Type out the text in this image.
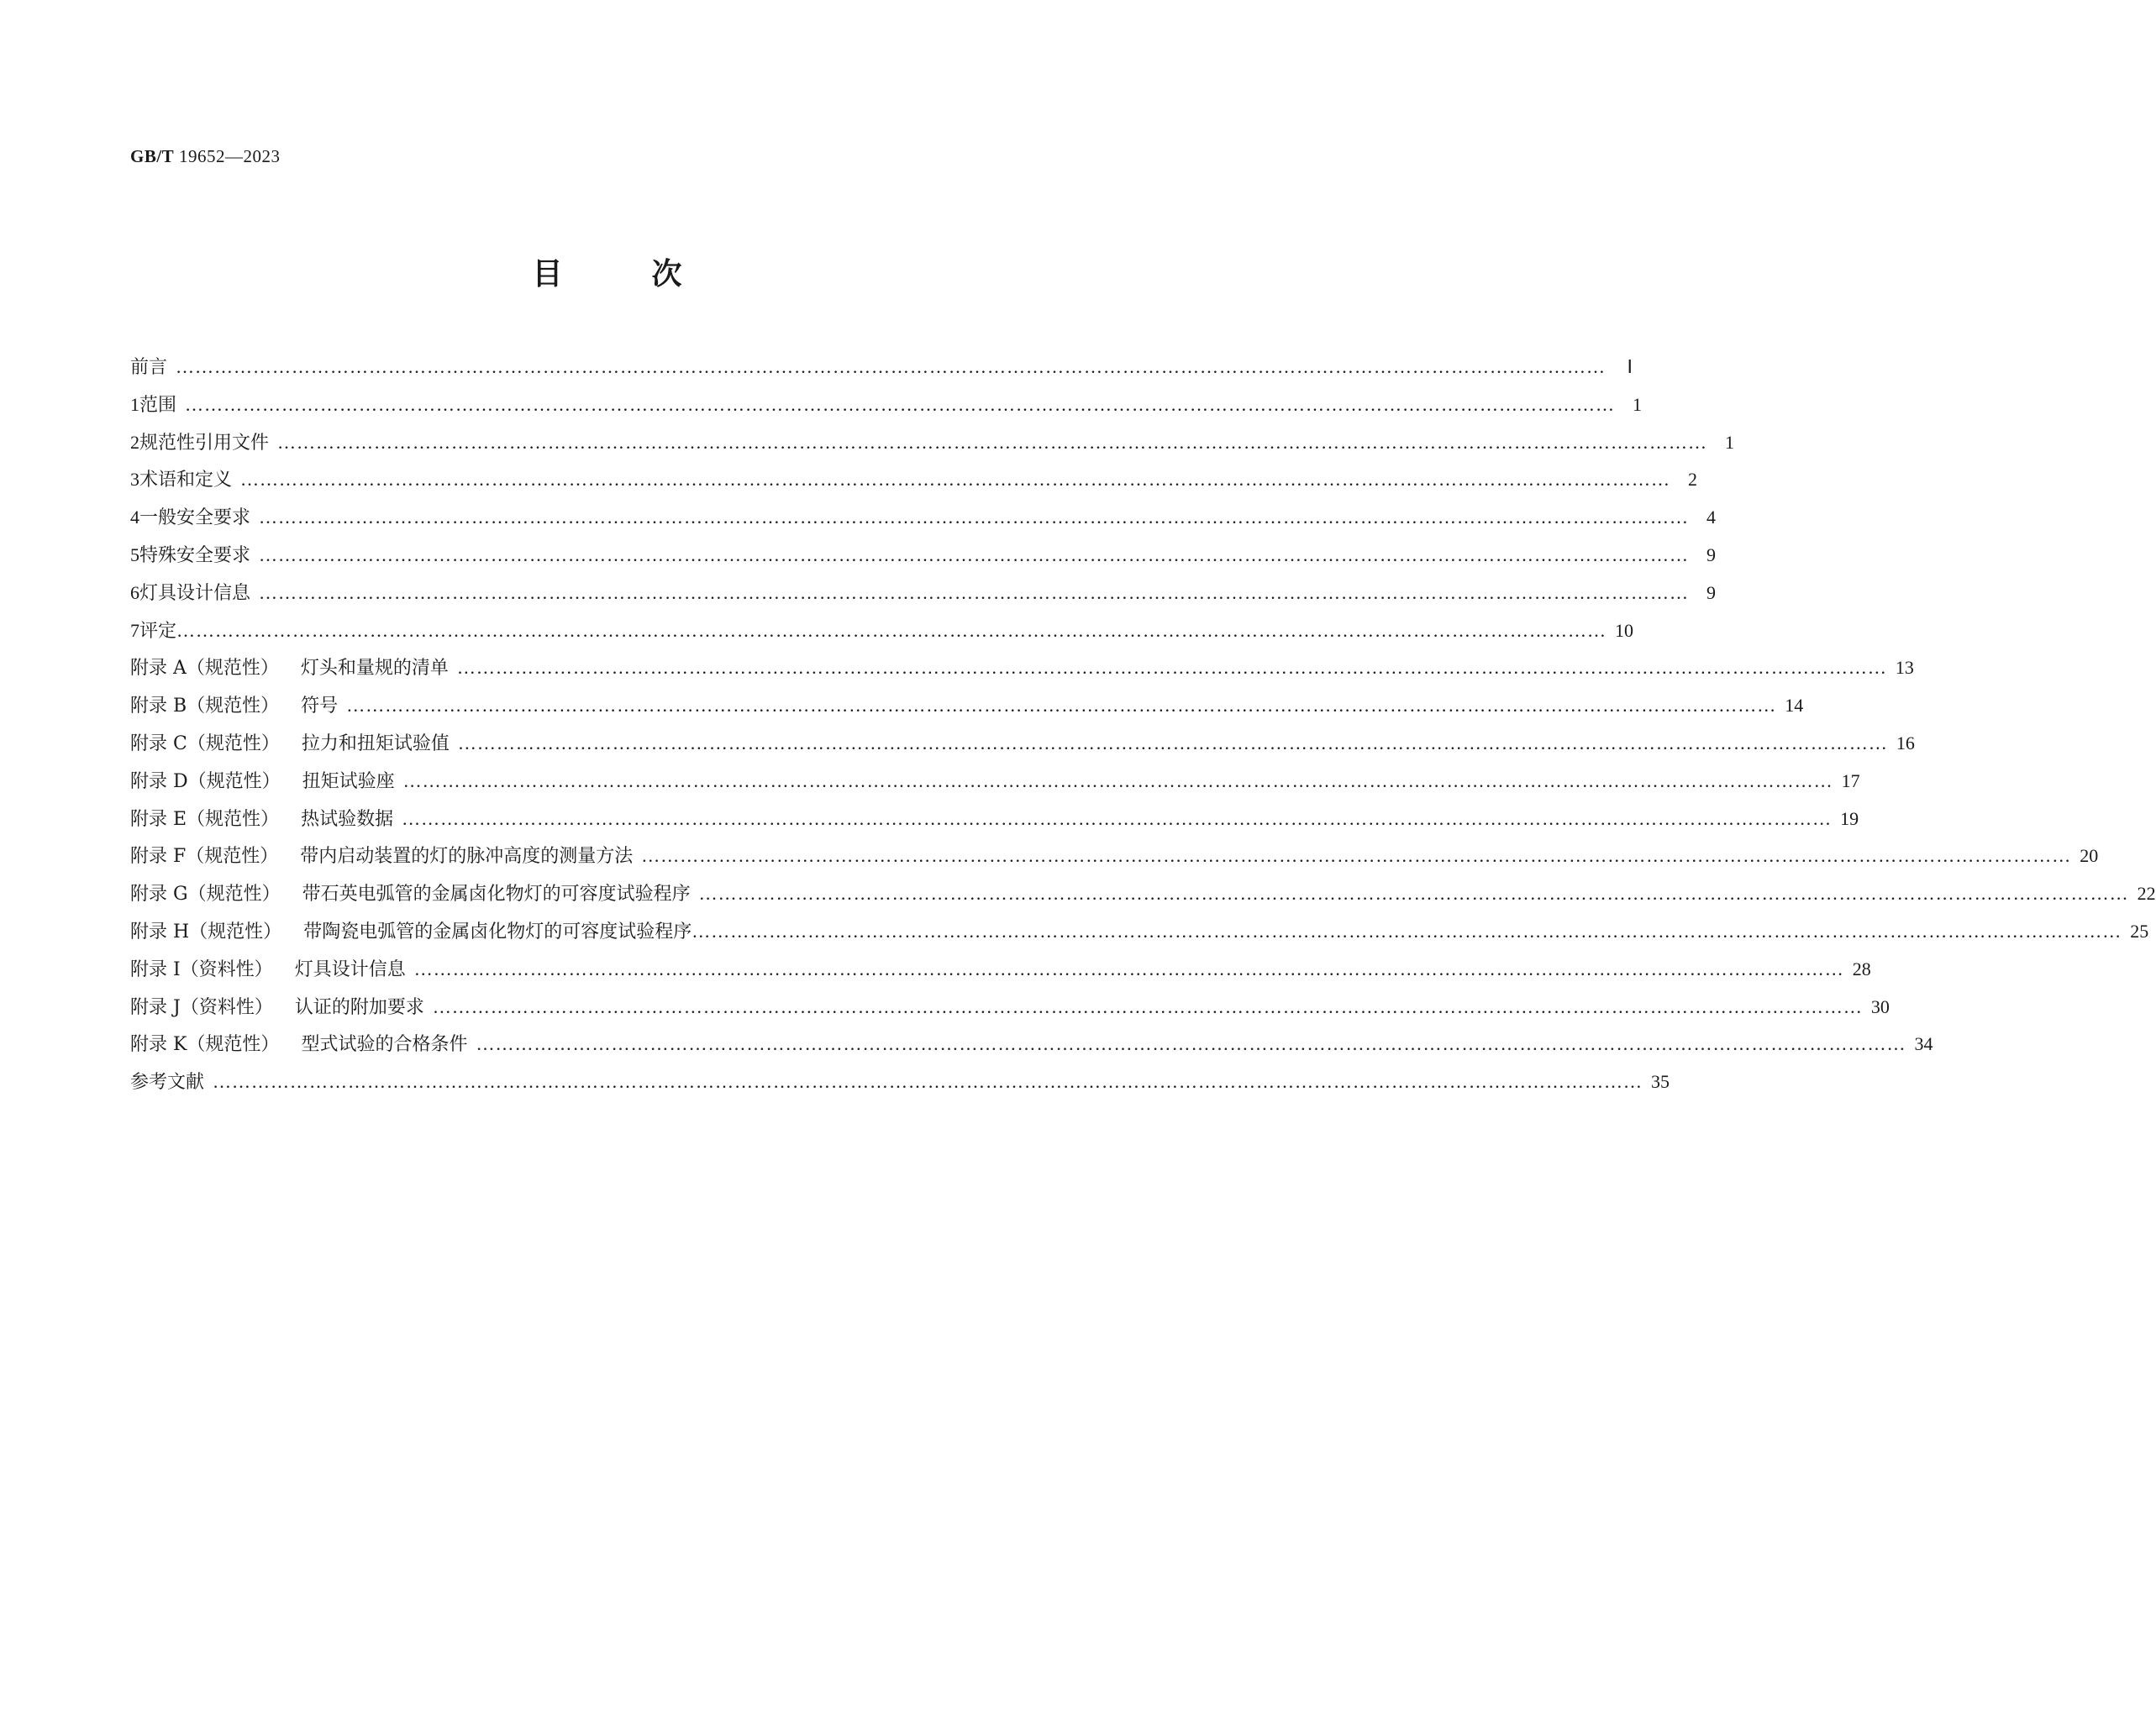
GB/T 19652—2023
目	次
前言 ……………………………………………………………………………………………………………………………………………………………………………………………………	Ⅰ
1 范围 …………………………………………………………………………………………………………………………………………………………………………………………………… 1
2 规范性引用文件 …………………………………………………………………………………………………………………………………………………………………………………………………… 1
3 术语和定义 …………………………………………………………………………………………………………………………………………………………………………………………………… 2
4 一般安全要求 …………………………………………………………………………………………………………………………………………………………………………………………………… 4
5 特殊安全要求 …………………………………………………………………………………………………………………………………………………………………………………………………… 9
6 灯具设计信息 …………………………………………………………………………………………………………………………………………………………………………………………………… 9
7 评定 …………………………………………………………………………………………………………………………………………………………………………………………………… 10
附录 A（规范性） 灯头和量规的清单 …………………………………………………………………………………………………………………………………………………………………………………………………… 13
附录 B（规范性） 符号 …………………………………………………………………………………………………………………………………………………………………………………………………… 14
附录 C（规范性） 拉力和扭矩试验值 …………………………………………………………………………………………………………………………………………………………………………………………………… 16
附录 D（规范性） 扭矩试验座 …………………………………………………………………………………………………………………………………………………………………………………………………… 17
附录 E（规范性） 热试验数据 …………………………………………………………………………………………………………………………………………………………………………………………………… 19
附录 F（规范性） 带内启动装置的灯的脉冲高度的测量方法 …………………………………………………………………………………………………………………………………………………………………………………………………… 20
附录 G（规范性） 带石英电弧管的金属卤化物灯的可容度试验程序 …………………………………………………………………………………………………………………………………………………………………………………………………… 22
附录 H（规范性） 带陶瓷电弧管的金属卤化物灯的可容度试验程序 …………………………………………………………………………………………………………………………………………………………………………………………………… 25
附录 I（资料性） 灯具设计信息 …………………………………………………………………………………………………………………………………………………………………………………………………… 28
附录 J（资料性） 认证的附加要求 …………………………………………………………………………………………………………………………………………………………………………………………………… 30
附录 K（规范性） 型式试验的合格条件 …………………………………………………………………………………………………………………………………………………………………………………………………… 34
参考文献 …………………………………………………………………………………………………………………………………………………………………………………………………… 35
